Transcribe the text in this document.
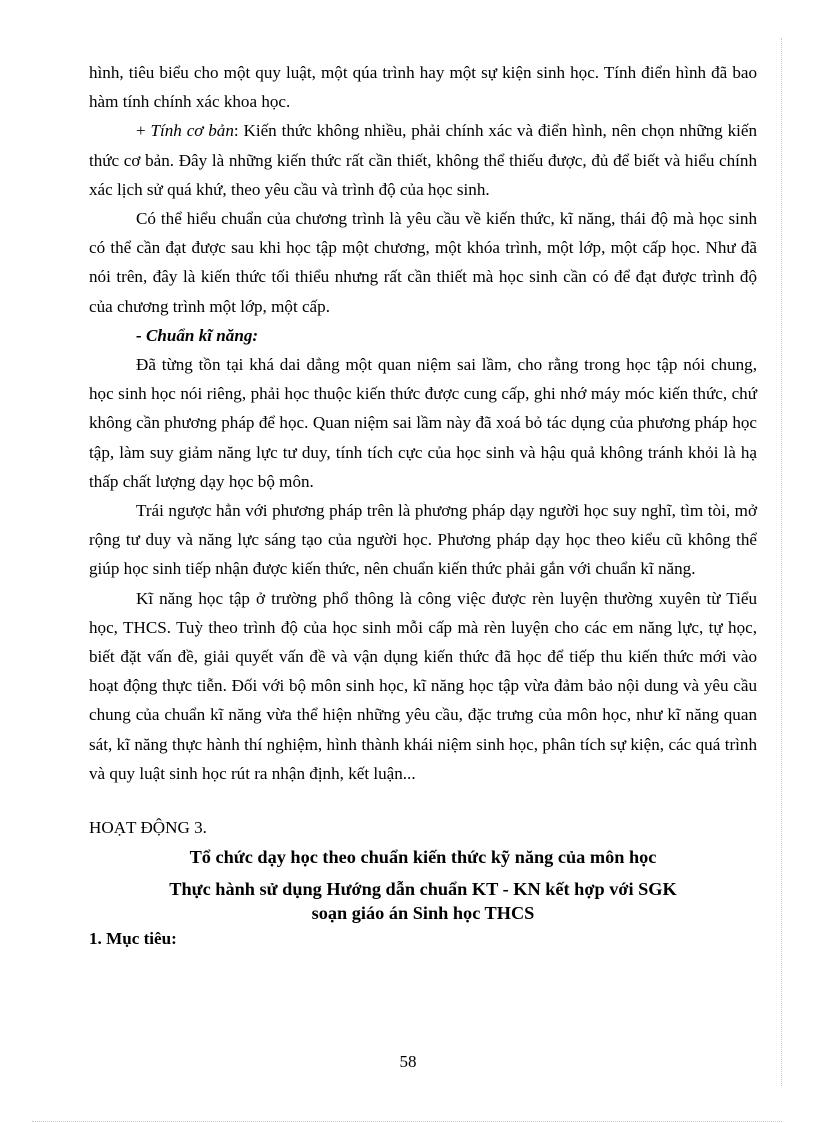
hình, tiêu biểu cho một quy luật, một qúa trình hay một sự kiện sinh học. Tính điển hình đã bao hàm tính chính xác khoa học.

+ Tính cơ bản: Kiến thức không nhiều, phải chính xác và điển hình, nên chọn những kiến thức cơ bản. Đây là những kiến thức rất cần thiết, không thể thiếu được, đủ để biết và hiểu chính xác lịch sử quá khứ, theo yêu cầu và trình độ của học sinh.

Có thể hiểu chuẩn của chương trình là yêu cầu về kiến thức, kĩ năng, thái độ mà học sinh có thể cần đạt được sau khi học tập một chương, một khóa trình, một lớp, một cấp học. Như đã nói trên, đây là kiến thức tối thiểu nhưng rất cần thiết mà học sinh cần có để đạt được trình độ của chương trình một lớp, một cấp.

- Chuẩn kĩ năng:

Đã từng tồn tại khá dai dẳng một quan niệm sai lầm, cho rằng trong học tập nói chung, học sinh học nói riêng, phải học thuộc kiến thức được cung cấp, ghi nhớ máy móc kiến thức, chứ không cần phương pháp để học. Quan niệm sai lầm này đã xoá bỏ tác dụng của phương pháp học tập, làm suy giảm năng lực tư duy, tính tích cực của học sinh và hậu quả không tránh khỏi là hạ thấp chất lượng dạy học bộ môn.

Trái ngược hẳn với phương pháp trên là phương pháp dạy người học suy nghĩ, tìm tòi, mở rộng tư duy và năng lực sáng tạo của người học. Phương pháp dạy học theo kiểu cũ không thể giúp học sinh tiếp nhận được kiến thức, nên chuẩn kiến thức phải gắn với chuẩn kĩ năng.

Kĩ năng học tập ở trường phổ thông là công việc được rèn luyện thường xuyên từ Tiểu học, THCS. Tuỳ theo trình độ của học sinh mỗi cấp mà rèn luyện cho các em năng lực, tự học, biết đặt vấn đề, giải quyết vấn đề và vận dụng kiến thức đã học để tiếp thu kiến thức mới vào hoạt động thực tiễn. Đối với bộ môn sinh học, kĩ năng học tập vừa đảm bảo nội dung và yêu cầu chung của chuẩn kĩ năng vừa thể hiện những yêu cầu, đặc trưng của môn học, như kĩ năng quan sát, kĩ năng thực hành thí nghiệm, hình thành khái niệm sinh học, phân tích sự kiện, các quá trình và quy luật sinh học rút ra nhận định, kết luận...

HOẠT ĐỘNG 3.

Tổ chức dạy học theo chuẩn kiến thức kỹ năng của môn học

Thực hành sử dụng Hướng dẫn chuẩn KT - KN kết hợp với SGK

soạn giáo án Sinh học THCS

1. Mục tiêu:

58
